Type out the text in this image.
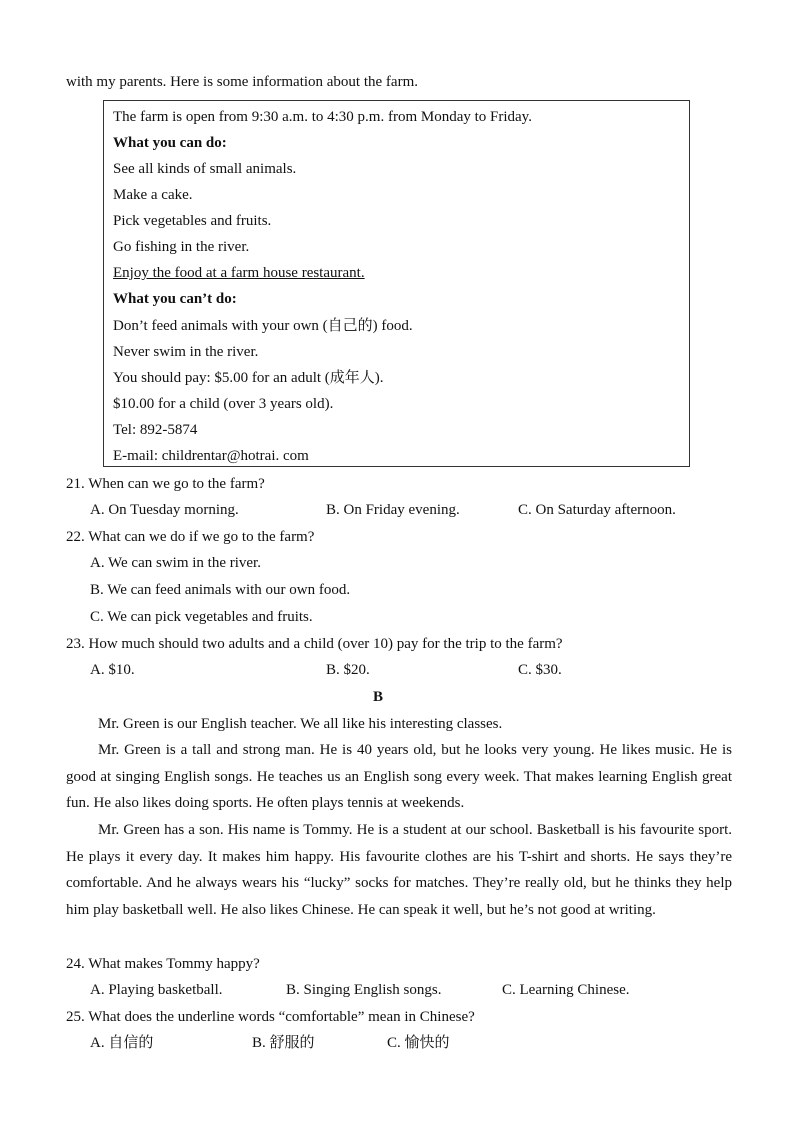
with my parents. Here is some information about the farm.
The farm is open from 9:30 a.m. to 4:30 p.m. from Monday to Friday.
What you can do:
See all kinds of small animals.
Make a cake.
Pick vegetables and fruits.
Go fishing in the river.
Enjoy the food at a farm house restaurant.
What you can’t do:
Don’t feed animals with your own (自己的) food.
Never swim in the river.
You should pay: $5.00 for an adult (成年人).
$10.00 for a child (over 3 years old).
Tel: 892-5874
E-mail: childrentar@hotrai. com
21. When can we go to the farm?
A. On Tuesday morning.	B. On Friday evening.	C. On Saturday afternoon.
22. What can we do if we go to the farm?
A. We can swim in the river.
B. We can feed animals with our own food.
C. We can pick vegetables and fruits.
23. How much should two adults and a child (over 10) pay for the trip to the farm?
A. $10.	B. $20.	C. $30.
B
Mr. Green is our English teacher. We all like his interesting classes.
Mr. Green is a tall and strong man. He is 40 years old, but he looks very young. He likes music. He is good at singing English songs. He teaches us an English song every week. That makes learning English great fun. He also likes doing sports. He often plays tennis at weekends.
Mr. Green has a son. His name is Tommy. He is a student at our school. Basketball is his favourite sport. He plays it every day. It makes him happy. His favourite clothes are his T-shirt and shorts. He says they’re comfortable. And he always wears his “lucky” socks for matches. They’re really old, but he thinks they help him play basketball well. He also likes Chinese. He can speak it well, but he’s not good at writing.
24. What makes Tommy happy?
A. Playing basketball.	B. Singing English songs.	C. Learning Chinese.
25. What does the underline words “comfortable” mean in Chinese?
A. 自信的	B. 舒服的	C. 愉快的
